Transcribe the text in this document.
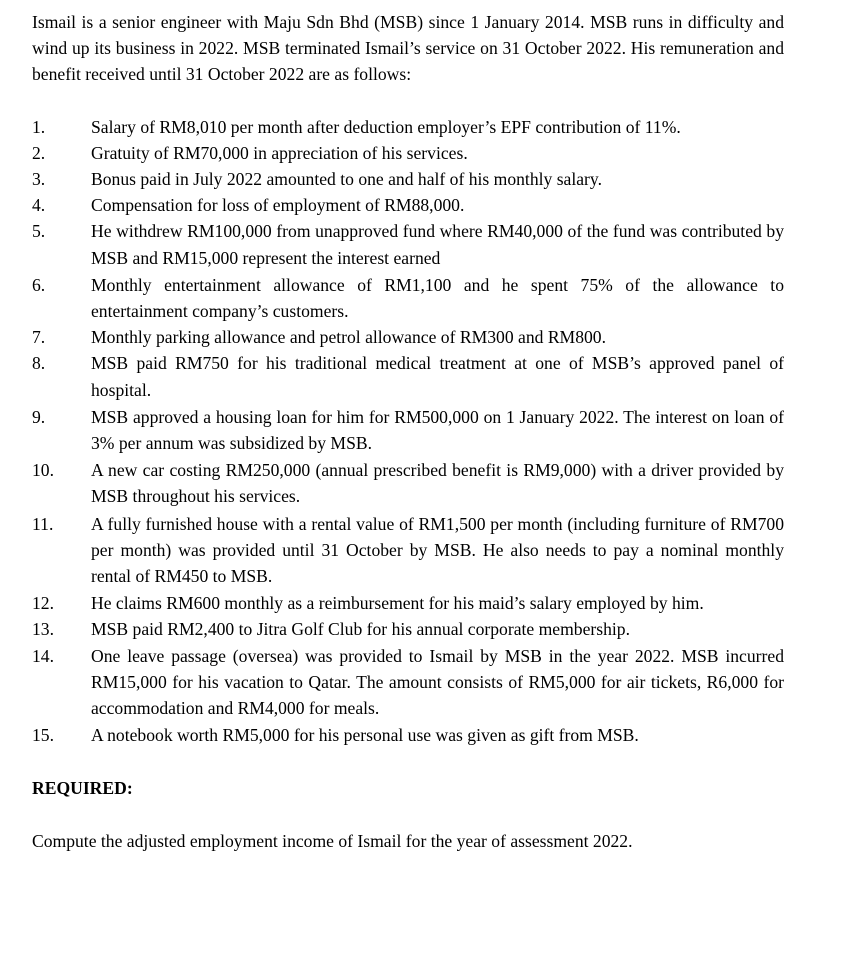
Ismail is a senior engineer with Maju Sdn Bhd (MSB) since 1 January 2014. MSB runs in difficulty and wind up its business in 2022. MSB terminated Ismail’s service on 31 October 2022. His remuneration and benefit received until 31 October 2022 are as follows:

1.	Salary of RM8,010 per month after deduction employer’s EPF contribution of 11%.
2.	Gratuity of RM70,000 in appreciation of his services.
3.	Bonus paid in July 2022 amounted to one and half of his monthly salary.
4.	Compensation for loss of employment of RM88,000.
5.	He withdrew RM100,000 from unapproved fund where RM40,000 of the fund was contributed by MSB and RM15,000 represent the interest earned
6.	Monthly entertainment allowance of RM1,100 and he spent 75% of the allowance to entertainment company’s customers.
7.	Monthly parking allowance and petrol allowance of RM300 and RM800.
8.	MSB paid RM750 for his traditional medical treatment at one of MSB’s approved panel of hospital.
9.	MSB approved a housing loan for him for RM500,000 on 1 January 2022. The interest on loan of 3% per annum was subsidized by MSB.
10.	A new car costing RM250,000 (annual prescribed benefit is RM9,000) with a driver provided by MSB throughout his services.
11.	A fully furnished house with a rental value of RM1,500 per month (including furniture of RM700 per month) was provided until 31 October by MSB. He also needs to pay a nominal monthly rental of RM450 to MSB.
12.	He claims RM600 monthly as a reimbursement for his maid’s salary employed by him.
13.	MSB paid RM2,400 to Jitra Golf Club for his annual corporate membership.
14.	One leave passage (oversea) was provided to Ismail by MSB in the year 2022. MSB incurred RM15,000 for his vacation to Qatar. The amount consists of RM5,000 for air tickets, R6,000 for accommodation and RM4,000 for meals.
15.	A notebook worth RM5,000 for his personal use was given as gift from MSB.

REQUIRED:

Compute the adjusted employment income of Ismail for the year of assessment 2022.
